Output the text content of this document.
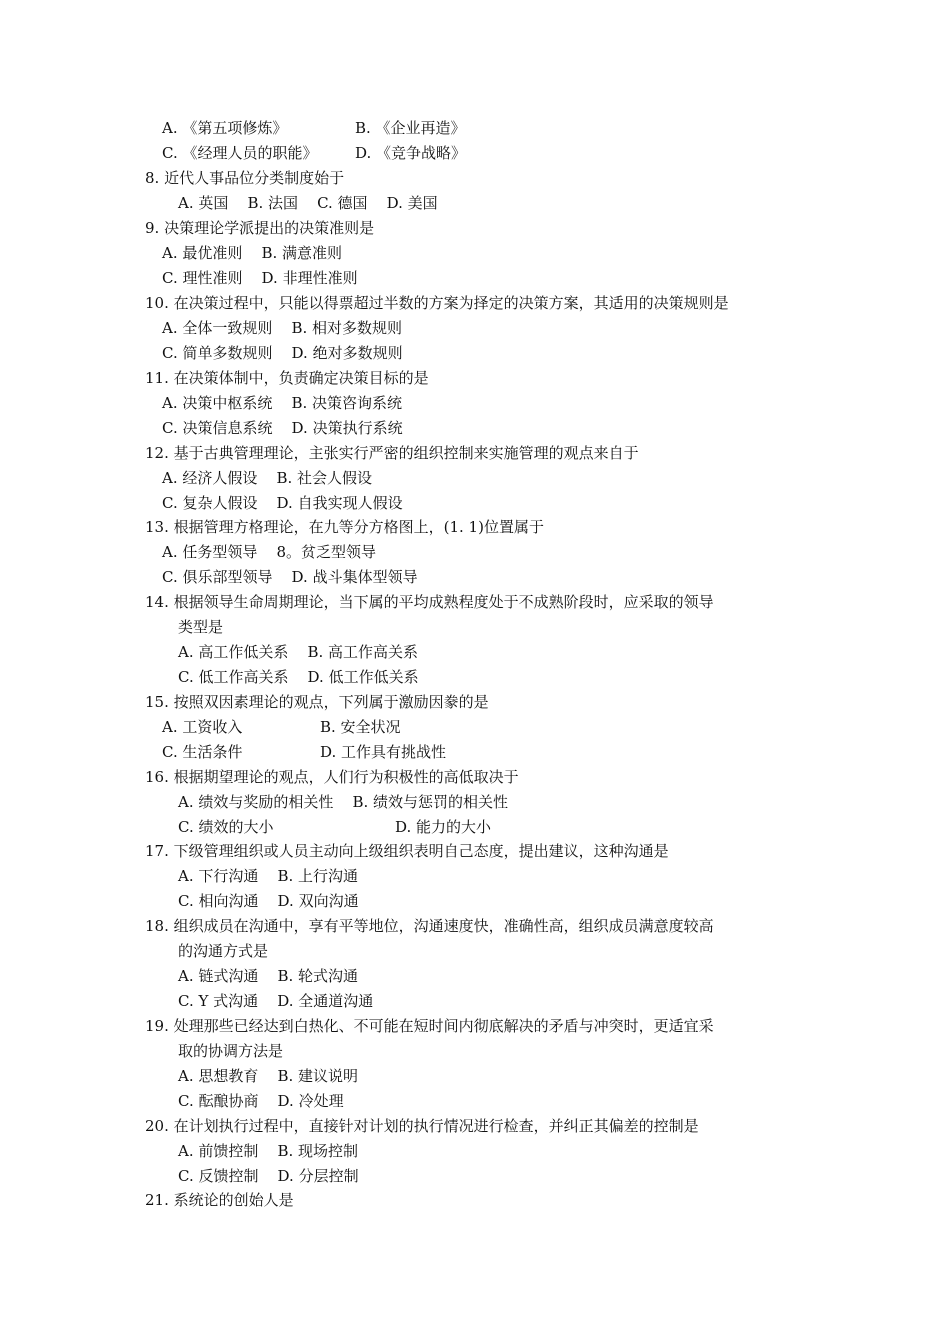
A. 《第五项修炼》	B. 《企业再造》
C. 《经理人员的职能》	D. 《竞争战略》
8. 近代人事品位分类制度始于
A. 英国    B. 法国    C. 德国    D. 美国
9. 决策理论学派提出的决策准则是
A. 最优准则    B. 满意准则
C. 理性准则    D. 非理性准则
10. 在决策过程中，只能以得票超过半数的方案为择定的决策方案，其适用的决策规则是
A. 全体一致规则    B. 相对多数规则
C. 简单多数规则    D. 绝对多数规则
11. 在决策体制中，负责确定决策目标的是
A. 决策中枢系统    B. 决策咨询系统
C. 决策信息系统    D. 决策执行系统
12. 基于古典管理理论，主张实行严密的组织控制来实施管理的观点来自于
A. 经济人假设    B. 社会人假设
C. 复杂人假设    D. 自我实现人假设
13. 根据管理方格理论，在九等分方格图上，(1. 1)位置属于
A. 任务型领导    8。贫乏型领导
C. 俱乐部型领导    D. 战斗集体型领导
14. 根据领导生命周期理论，当下属的平均成熟程度处于不成熟阶段时，应采取的领导
类型是
A. 高工作低关系    B. 高工作高关系
C. 低工作高关系    D. 低工作低关系
15. 按照双因素理论的观点，下列属于激励因豢的是
A. 工资收入	B. 安全状况
C. 生活条件	D. 工作具有挑战性
16. 根据期望理论的观点，人们行为积极性的高低取决于
A. 绩效与奖励的相关性    B. 绩效与惩罚的相关性
C. 绩效的大小	D. 能力的大小
17. 下级管理组织或人员主动向上级组织表明自己态度，提出建议，这种沟通是
A. 下行沟通    B. 上行沟通
C. 相向沟通    D. 双向沟通
18. 组织成员在沟通中，享有平等地位，沟通速度快，准确性高，组织成员满意度较高
的沟通方式是
A. 链式沟通    B. 轮式沟通
C. Y 式沟通    D. 全通道沟通
19. 处理那些已经达到白热化、不可能在短时间内彻底解决的矛盾与冲突时，更适宜采
取的协调方法是
A. 思想教育    B. 建议说明
C. 酝酿协商    D. 冷处理
20. 在计划执行过程中，直接针对计划的执行情况进行检查，并纠正其偏差的控制是
A. 前馈控制    B. 现场控制
C. 反馈控制    D. 分层控制
21. 系统论的创始人是
